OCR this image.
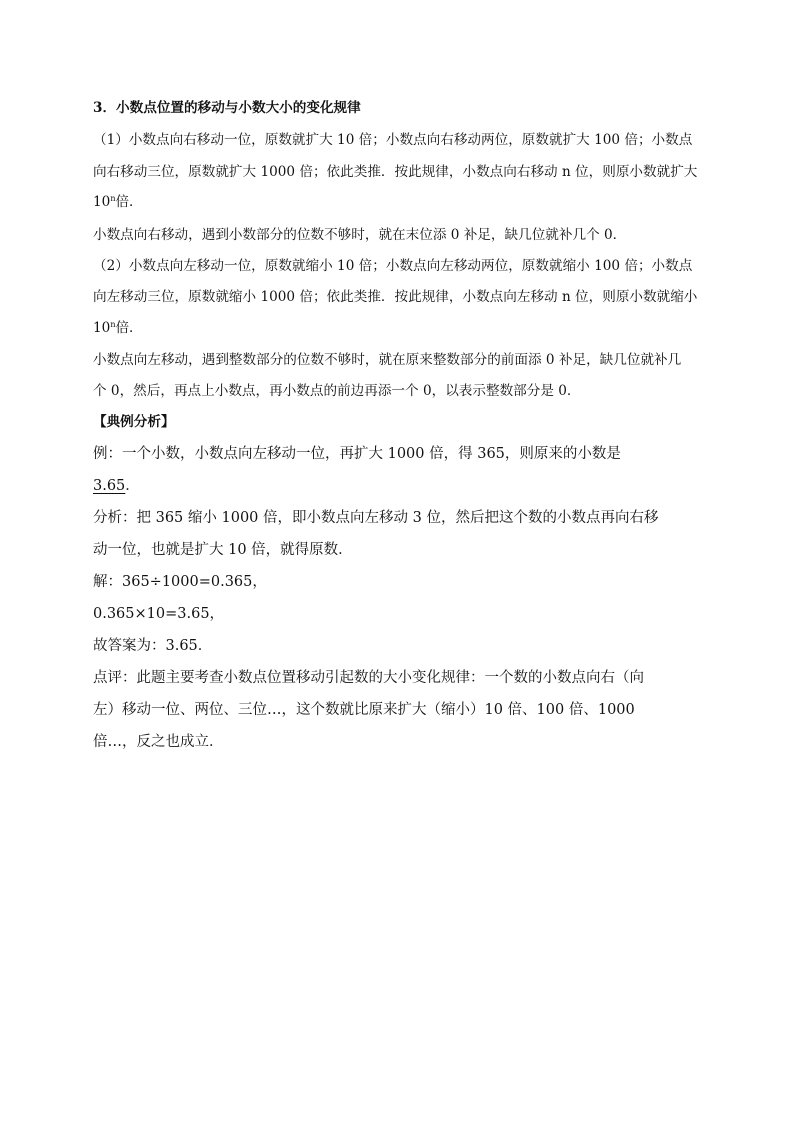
3．小数点位置的移动与小数大小的变化规律
（1）小数点向右移动一位，原数就扩大 10 倍；小数点向右移动两位，原数就扩大 100 倍；小数点
向右移动三位，原数就扩大 1000 倍；依此类推．按此规律，小数点向右移动 n 位，则原小数就扩大
10$^n$倍．
小数点向右移动，遇到小数部分的位数不够时，就在末位添 0 补足，缺几位就补几个 0．
（2）小数点向左移动一位，原数就缩小 10 倍；小数点向左移动两位，原数就缩小 100 倍；小数点
向左移动三位，原数就缩小 1000 倍；依此类推．按此规律，小数点向左移动 n 位，则原小数就缩小
10$^n$倍．
小数点向左移动，遇到整数部分的位数不够时，就在原来整数部分的前面添 0 补足，缺几位就补几
个 0，然后，再点上小数点，再小数点的前边再添一个 0，以表示整数部分是 0．
【典例分析】
例：一个小数，小数点向左移动一位，再扩大 1000 倍，得 365，则原来的小数是
3.65．
分析：把 365 缩小 1000 倍，即小数点向左移动 3 位，然后把这个数的小数点再向右移
动一位，也就是扩大 10 倍，就得原数．
解：365÷1000=0.365，
0.365×10=3.65，
故答案为：3.65．
点评：此题主要考查小数点位置移动引起数的大小变化规律：一个数的小数点向右（向
左）移动一位、两位、三位…，这个数就比原来扩大（缩小）10 倍、100 倍、1000
倍…，反之也成立．
